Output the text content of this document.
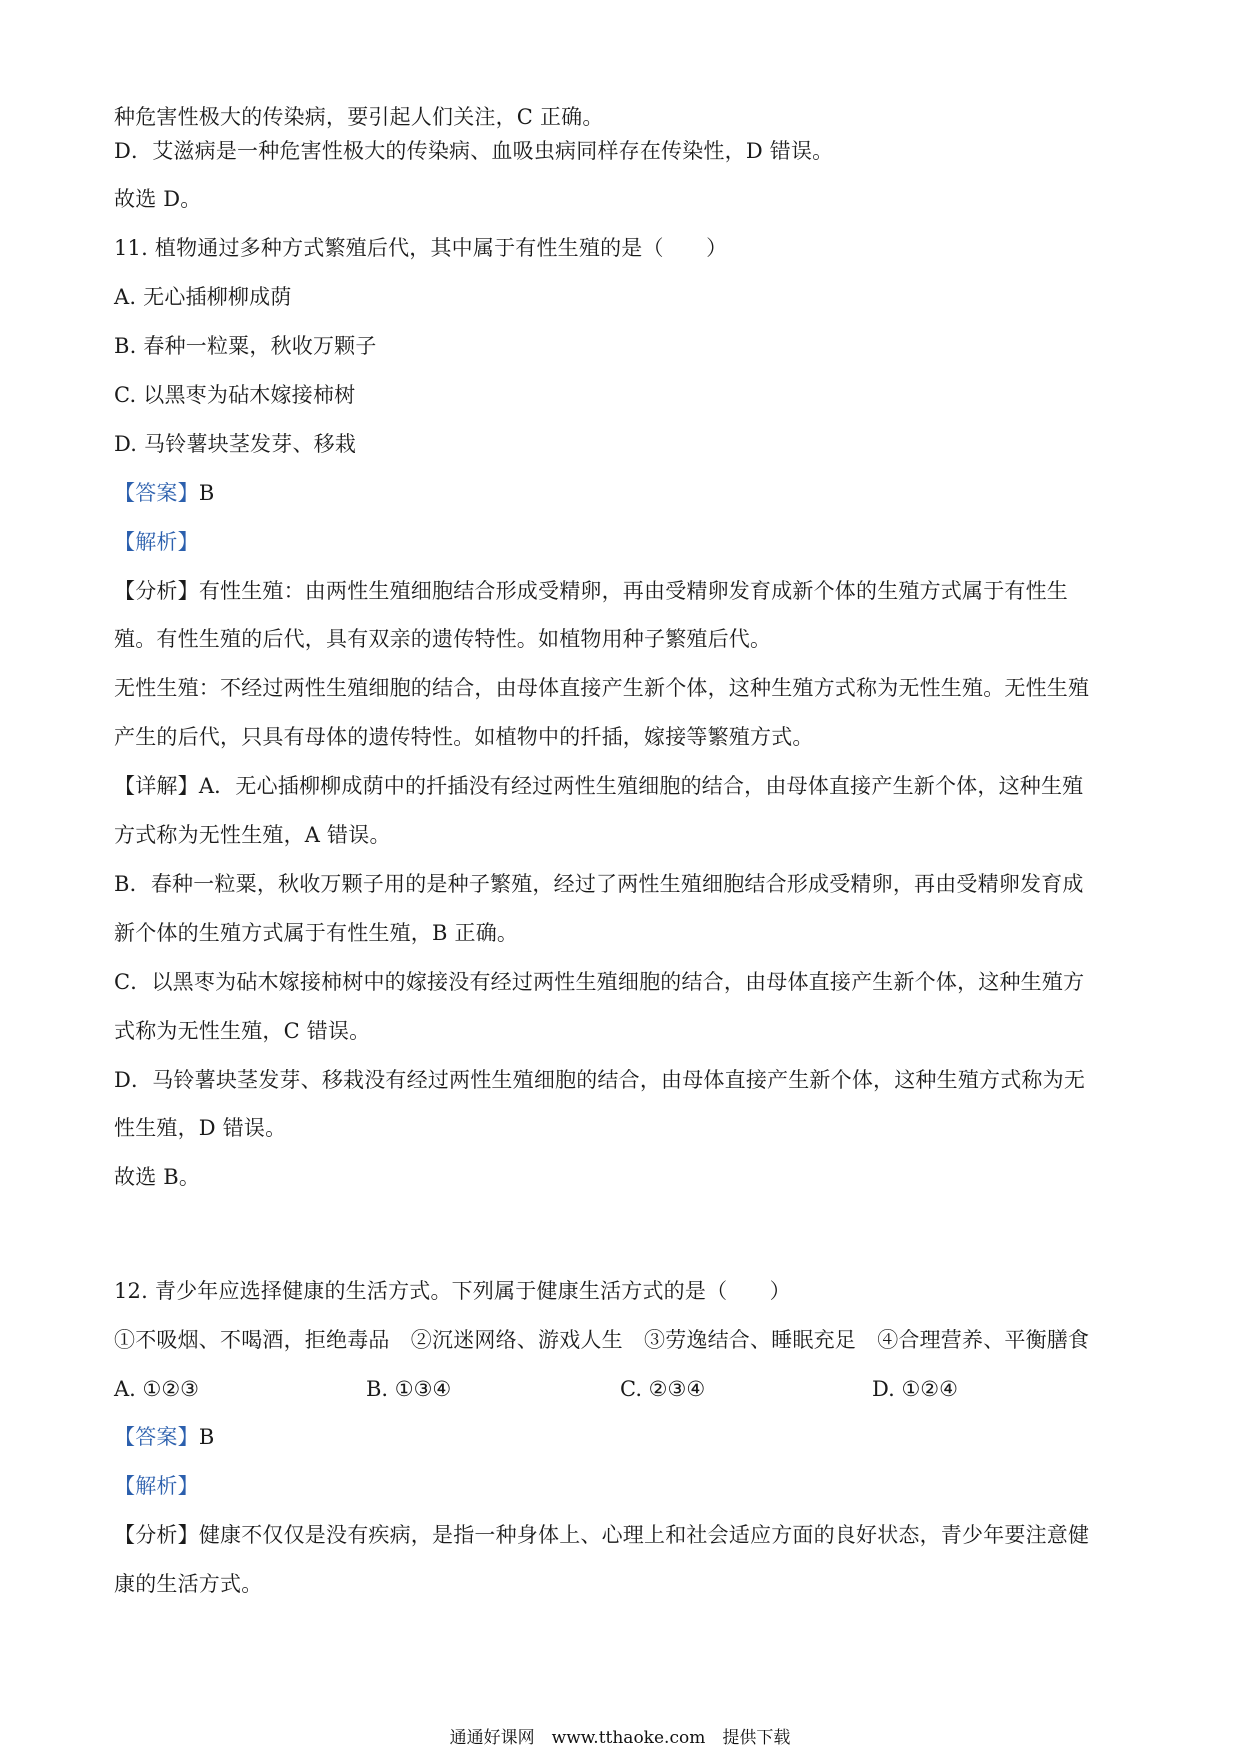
种危害性极大的传染病，要引起人们关注，C 正确。
D．艾滋病是一种危害性极大的传染病、血吸虫病同样存在传染性，D 错误。
故选 D。
11. 植物通过多种方式繁殖后代，其中属于有性生殖的是（　　）
A. 无心插柳柳成荫
B. 春种一粒粟，秋收万颗子
C. 以黑枣为砧木嫁接柿树
D. 马铃薯块茎发芽、移栽
【答案】B
【解析】
【分析】有性生殖：由两性生殖细胞结合形成受精卵，再由受精卵发育成新个体的生殖方式属于有性生
殖。有性生殖的后代，具有双亲的遗传特性。如植物用种子繁殖后代。
无性生殖：不经过两性生殖细胞的结合，由母体直接产生新个体，这种生殖方式称为无性生殖。无性生殖
产生的后代，只具有母体的遗传特性。如植物中的扦插，嫁接等繁殖方式。
【详解】A．无心插柳柳成荫中的扦插没有经过两性生殖细胞的结合，由母体直接产生新个体，这种生殖
方式称为无性生殖，A 错误。
B．春种一粒粟，秋收万颗子用的是种子繁殖，经过了两性生殖细胞结合形成受精卵，再由受精卵发育成
新个体的生殖方式属于有性生殖，B 正确。
C．以黑枣为砧木嫁接柿树中的嫁接没有经过两性生殖细胞的结合，由母体直接产生新个体，这种生殖方
式称为无性生殖，C 错误。
D．马铃薯块茎发芽、移栽没有经过两性生殖细胞的结合，由母体直接产生新个体，这种生殖方式称为无
性生殖，D 错误。
故选 B。
12. 青少年应选择健康的生活方式。下列属于健康生活方式的是（　　）
①不吸烟、不喝酒，拒绝毒品　②沉迷网络、游戏人生　③劳逸结合、睡眠充足　④合理营养、平衡膳食
A. ①②③	B. ①③④	C. ②③④	D. ①②④
【答案】B
【解析】
【分析】健康不仅仅是没有疾病，是指一种身体上、心理上和社会适应方面的良好状态，青少年要注意健
康的生活方式。
通通好课网　www.tthaoke.com　提供下载
